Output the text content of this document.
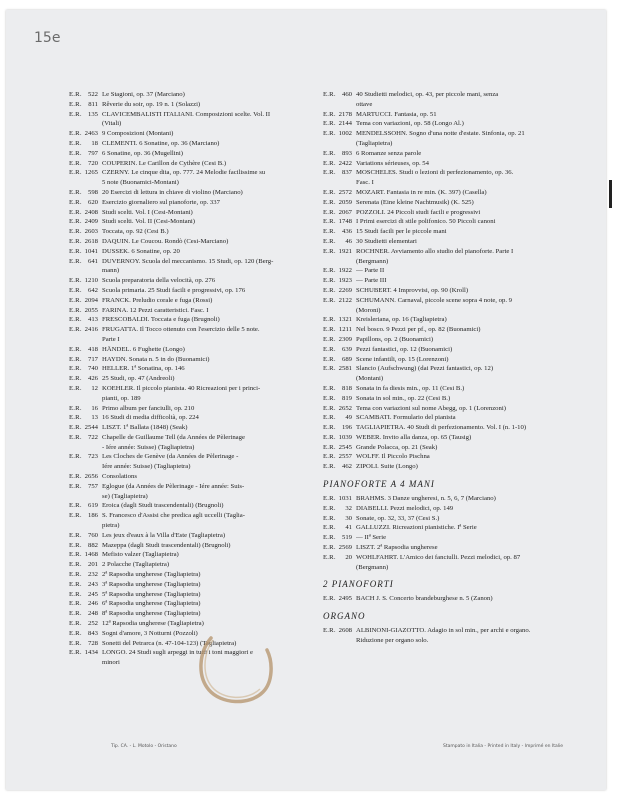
15e
E.R. 522 Le Stagioni, op. 37 (Marciano)
E.R. 811 Rêverie du soir, op. 19 n. 1 (Solazzi)
E.R. 135 CLAVICEMBALISTI ITALIANI. Composizioni scelte. Vol. II
(Vitali)
E.R. 2463 9 Composizioni (Montani)
E.R.	18 CLEMENTI. 6 Sonatine, op. 36 (Marciano)
E.R. 797 6 Sonatine, op. 36 (Mugellini)
E.R. 720 COUPERIN. Le Carillon de Cythère (Cesi B.)
E.R. 1265 CZERNY. Le cinque dita, op. 777. 24 Melodie facilissime su
5 note (Buonamici-Montani)
E.R. 598 20 Esercizi di lettura in chiave di violino (Marciano)
E.R. 620 Esercizio giornaliero sul pianoforte, op. 337
E.R. 2408 Studi scelti. Vol. I (Cesi-Montani)
E.R. 2409 Studi scelti. Vol. II (Cesi-Montani)
E.R. 2603 Toccata, op. 92 (Cesi B.)
E.R. 2618 DAQUIN. Le Coucou. Rondò (Cesi-Marciano)
E.R. 1041 DUSSEK. 6 Sonatine, op. 20
E.R. 641 DUVERNOY. Scuola del meccanismo. 15 Studi, op. 120 (Berg-
mann)
E.R. 1210 Scuola preparatoria della velocità, op. 276
E.R. 642 Scuola primaria. 25 Studi facili e progressivi, op. 176
E.R. 2094 FRANCK. Preludio corale e fuga (Rossi)
E.R. 2055 FARINA. 12 Pezzi caratteristici. Fasc. I
E.R. 413 FRESCOBALDI. Toccata e fuga (Brugnoli)
E.R. 2416 FRUGATTA. Il Tocco ottenuto con l'esercizio delle 5 note.
Parte I
E.R. 418 HÄNDEL. 6 Fughette (Longo)
E.R. 717 HAYDN. Sonata n. 5 in do (Buonamici)
E.R. 740 HELLER. 1ª Sonatina, op. 146
E.R. 426 25 Studi, op. 47 (Andreoli)
E.R.	12 KOEHLER. Il piccolo pianista. 40 Ricreazioni per i princi-
pianti, op. 189
E.R.	16 Primo album per fanciulli, op. 210
E.R.	13 16 Studi di media difficoltà, op. 224
E.R. 2544 LISZT. 1ª Ballata (1848) (Seak)
E.R. 722 Chapelle de Guillaume Tell (da Années de Pèlerinage
- Iére année: Suisse) (Tagliapietra)
E.R. 723 Les Cloches de Genève (da Années de Pèlerinage -
Iére année: Suisse) (Tagliapietra)
E.R. 2656 Consolations
E.R. 757 Eglogue (da Années de Pèlerinage - Iére année: Suis-
se) (Tagliapietra)
E.R. 619 Eroica (dagli Studi trascendentali) (Brugnoli)
E.R. 186 S. Francesco d'Assisi che predica agli uccelli (Taglia-
pietra)
E.R. 760 Les jeux d'eaux à la Villa d'Este (Tagliapietra)
E.R. 882 Mazeppa (dagli Studi trascendentali) (Brugnoli)
E.R. 1468 Mefisto valzer (Tagliapietra)
E.R. 201 2 Polacche (Tagliapietra)
E.R. 232 2ª Rapsodia ungherese (Tagliapietra)
E.R. 243 3ª Rapsodia ungherese (Tagliapietra)
E.R. 245 5ª Rapsodia ungherese (Tagliapietra)
E.R. 246 6ª Rapsodia ungherese (Tagliapietra)
E.R. 248 8ª Rapsodia ungherese (Tagliapietra)
E.R. 252 12ª Rapsodia ungherese (Tagliapietra)
E.R. 843 Sogni d'amore, 3 Notturni (Pozzoli)
E.R. 728 Sonetti del Petrarca (n. 47-104-123) (Tagliapietra)
E.R. 1434 LONGO. 24 Studi sugli arpeggi in tutti i toni maggiori e
minori
E.R. 460 40 Studietti melodici, op. 43, per piccole mani, senza
ottave
E.R. 2178 MARTUCCI. Fantasia, op. 51
E.R. 2144 Tema con variazioni, op. 58 (Longo Al.)
E.R. 1002 MENDELSSOHN. Sogno d'una notte d'estate. Sinfonia, op. 21
(Tagliapietra)
E.R. 893 6 Romanze senza parole
E.R. 2422 Variations sérieuses, op. 54
E.R. 837 MOSCHELES. Studi o lezioni di perfezionamento, op. 36.
Fasc. I
E.R. 2572 MOZART. Fantasia in re min. (K. 397) (Casella)
E.R. 2059 Serenata (Eine kleine Nachtmusik) (K. 525)
E.R. 2067 POZZOLI. 24 Piccoli studi facili e progressivi
E.R. 1748 I Primi esercizi di stile polifonico. 50 Piccoli canoni
E.R. 436 15 Studi facili per le piccole mani
E.R.	46 30 Studietti elementari
E.R. 1921 ROCHNER. Avviamento allo studio del pianoforte. Parte I
(Bergmann)
E.R. 1922 — Parte II
E.R. 1923 — Parte III
E.R. 2269 SCHUBERT. 4 Improvvisi, op. 90 (Kroll)
E.R. 2122 SCHUMANN. Carnaval, piccole scene sopra 4 note, op. 9
(Moroni)
E.R. 1321 Kreisleriana, op. 16 (Tagliapietra)
E.R. 1211 Nel bosco. 9 Pezzi per pf., op. 82 (Buonamici)
E.R. 2309 Papillons, op. 2 (Buonamici)
E.R. 639 Pezzi fantastici, op. 12 (Buonamici)
E.R. 689 Scene infantili, op. 15 (Lorenzoni)
E.R. 2581 Slancio (Aufschwung) (dai Pezzi fantastici, op. 12)
(Montani)
E.R. 818 Sonata in fa diesis min., op. 11 (Cesi B.)
E.R. 819 Sonata in sol min., op. 22 (Cesi B.)
E.R. 2652 Tema con variazioni sul nome Abegg, op. 1 (Lorenzoni)
E.R.	49 SCAMBATI. Formulario del pianista
E.R. 196 TAGLIAPIETRA. 40 Studi di perfezionamento. Vol. I (n. 1-10)
E.R. 1039 WEBER. Invito alla danza, op. 65 (Tausig)
E.R. 2545 Grande Polacca, op. 21 (Seak)
E.R. 2557 WOLFF. Il Piccolo Pischna
E.R. 462 ZIPOLI. Suite (Longo)
PIANOFORTE A 4 MANI
E.R. 1031 BRAHMS. 3 Danze ungheresi, n. 5, 6, 7 (Marciano)
E.R.	32 DIABELLI. Pezzi melodici, op. 149
E.R.	30 Sonate, op. 32, 33, 37 (Cesi S.)
E.R.	41 GALLUZZI. Ricreazioni pianistiche. Iª Serie
E.R. 519 — IIª Serie
E.R. 2569 LISZT. 2ª Rapsodia ungherese
E.R.	20 WOHLFAHRT. L'Amico dei fanciulli. Pezzi melodici, op. 87
(Bergmann)
2 PIANOFORTI
E.R. 2495 BACH J. S. Concerto brandeburghese n. 5 (Zanon)
ORGANO
E.R. 2608 ALBINONI-GIAZOTTO. Adagio in sol min., per archi e organo.
Riduzione per organo solo.
Tip. CA. - L. Motolo - Oristano	Stampato in Italia - Printed in Italy - Imprimé en Italie
